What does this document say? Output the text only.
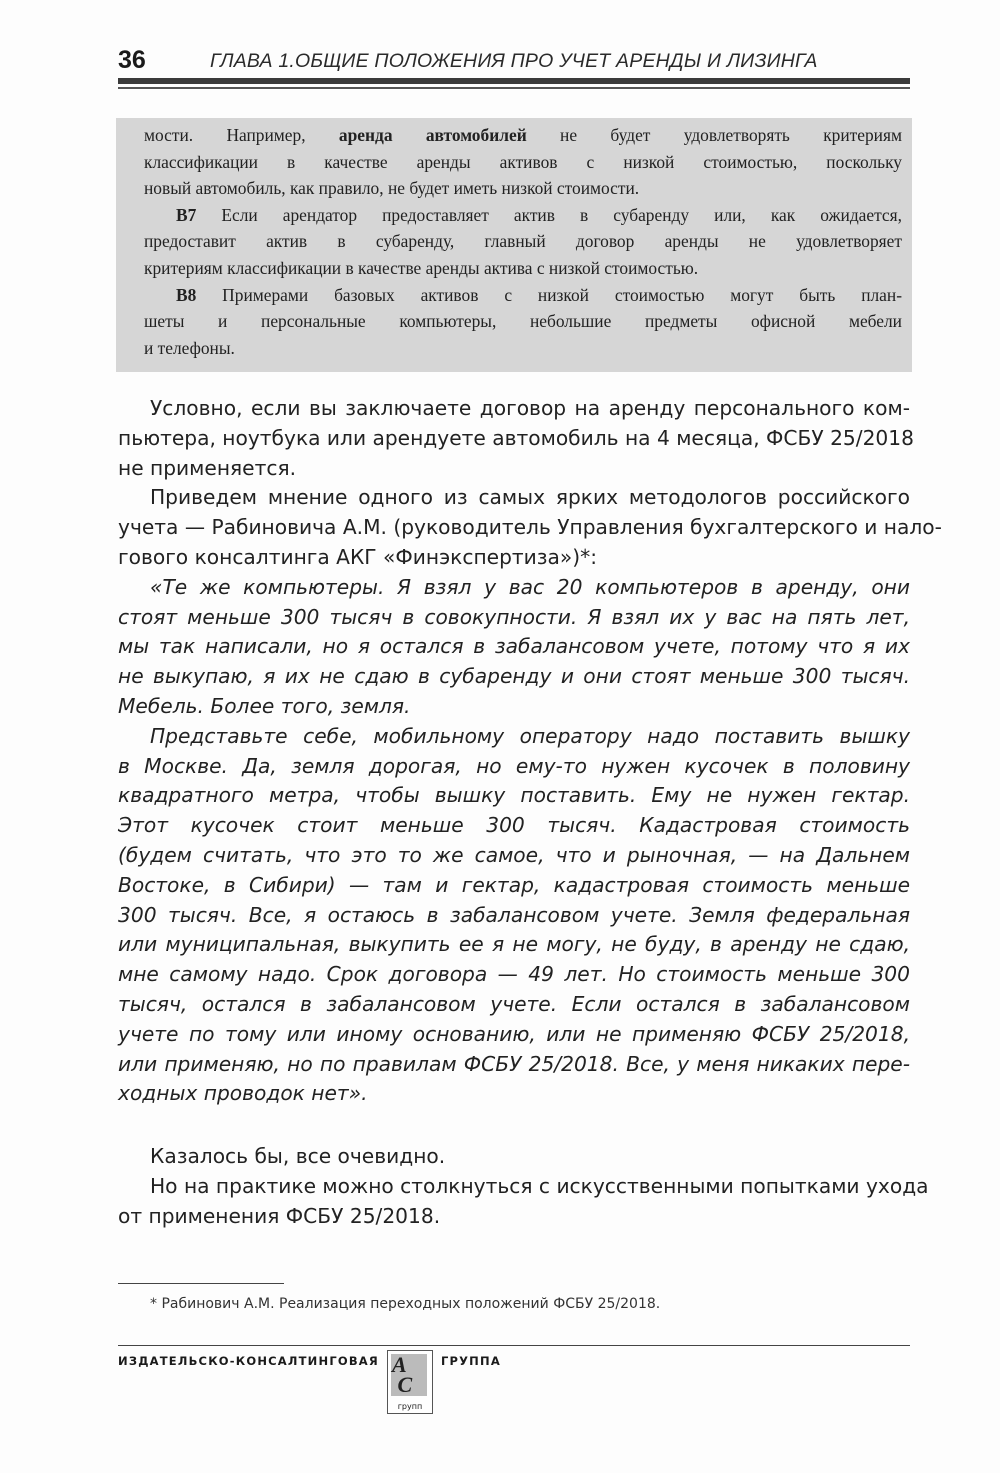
36	ГЛАВА 1.ОБЩИЕ ПОЛОЖЕНИЯ ПРО УЧЕТ АРЕНДЫ И ЛИЗИНГА
мости. Например, аренда автомобилей не будет удовлетворять критериям
классификации в качестве аренды активов с низкой стоимостью, поскольку
новый автомобиль, как правило, не будет иметь низкой стоимости.
В7 Если арендатор предоставляет актив в субаренду или, как ожидается,
предоставит актив в субаренду, главный договор аренды не удовлетворяет
критериям классификации в качестве аренды актива с низкой стоимостью.
В8 Примерами базовых активов с низкой стоимостью могут быть план-
шеты и персональные компьютеры, небольшие предметы офисной мебели
и телефоны.
Условно, если вы заключаете договор на аренду персонального ком-
пьютера, ноутбука или арендуете автомобиль на 4 месяца, ФСБУ 25/2018
не применяется.
Приведем мнение одного из самых ярких методологов российского
учета — Рабиновича А.М. (руководитель Управления бухгалтерского и нало-
гового консалтинга АКГ «Финэкспертиза»)*:
«Те же компьютеры. Я взял у вас 20 компьютеров в аренду, они
стоят меньше 300 тысяч в совокупности. Я взял их у вас на пять лет,
мы так написали, но я остался в забалансовом учете, потому что я их
не выкупаю, я их не сдаю в субаренду и они стоят меньше 300 тысяч.
Мебель. Более того, земля.
Представьте себе, мобильному оператору надо поставить вышку
в Москве. Да, земля дорогая, но ему-то нужен кусочек в половину
квадратного метра, чтобы вышку поставить. Ему не нужен гектар.
Этот кусочек стоит меньше 300 тысяч. Кадастровая стоимость
(будем считать, что это то же самое, что и рыночная, — на Дальнем
Востоке, в Сибири) — там и гектар, кадастровая стоимость меньше
300 тысяч. Все, я остаюсь в забалансовом учете. Земля федеральная
или муниципальная, выкупить ее я не могу, не буду, в аренду не сдаю,
мне самому надо. Срок договора — 49 лет. Но стоимость меньше 300
тысяч, остался в забалансовом учете. Если остался в забалансовом
учете по тому или иному основанию, или не применяю ФСБУ 25/2018,
или применяю, но по правилам ФСБУ 25/2018. Все, у меня никаких пере-
ходных проводок нет».
Казалось бы, все очевидно.
Но на практике можно столкнуться с искусственными попытками ухода
от применения ФСБУ 25/2018.
* Рабинович А.М. Реализация переходных положений ФСБУ 25/2018.
ИЗДАТЕЛЬСКО-КОНСАЛТИНГОВАЯ А
С
групп
ГРУППА
